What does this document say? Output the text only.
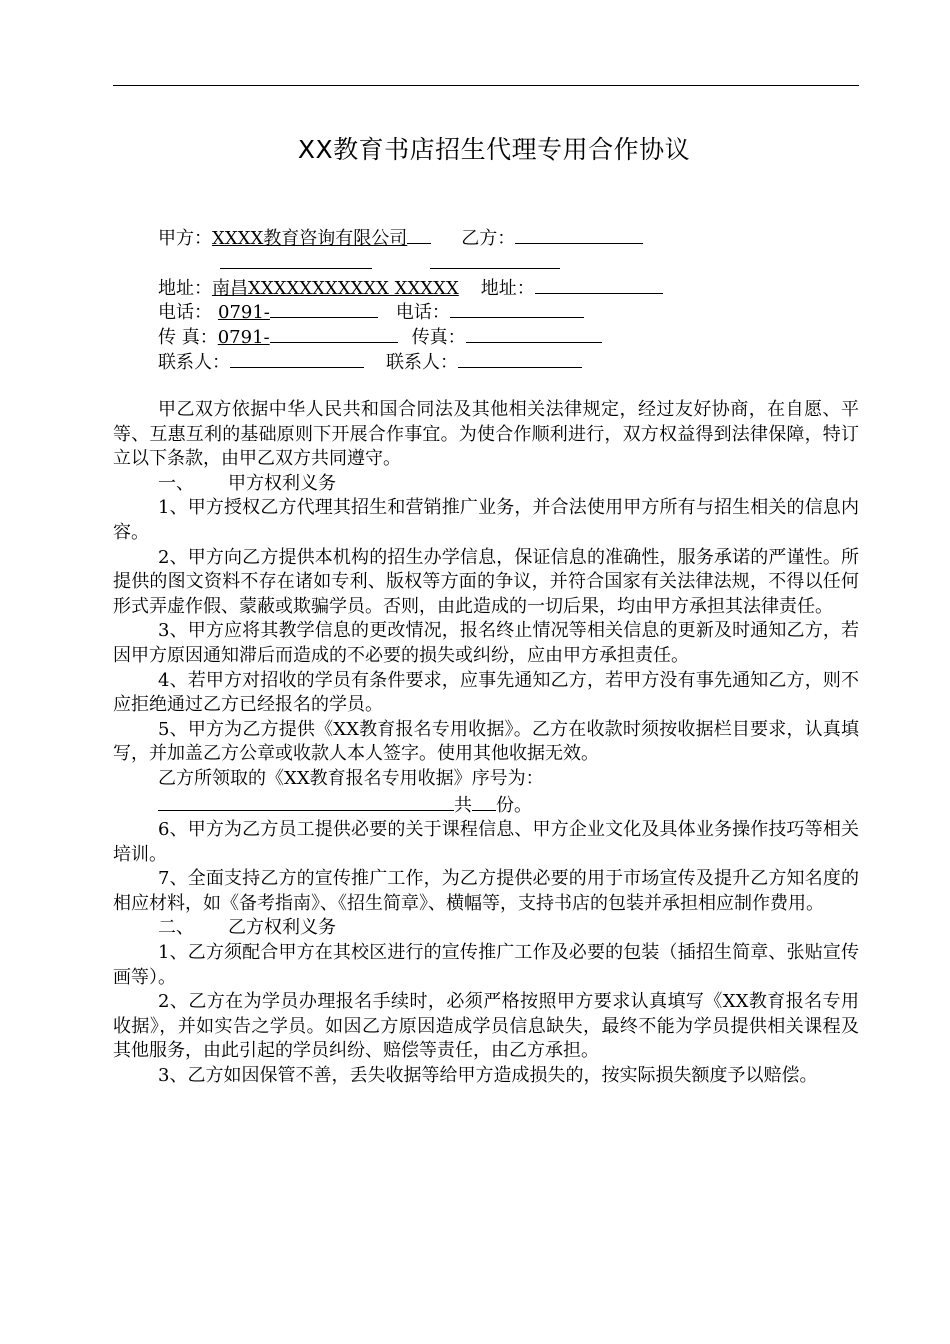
XX教育书店招生代理专用合作协议
甲方：XXXX教育咨询有限公司	乙方：
地址：南昌XXXXXXXXXXX XXXXX 地址：
电话： 0791-	电话：
传 真：0791-	传真：
联系人：	联系人：

甲乙双方依据中华人民共和国合同法及其他相关法律规定，经过友好协商，在自愿、平等、互惠互利的基础原则下开展合作事宜。为使合作顺利进行，双方权益得到法律保障，特订立以下条款，由甲乙双方共同遵守。

一、 甲方权利义务

1、甲方授权乙方代理其招生和营销推广业务，并合法使用甲方所有与招生相关的信息内容。

2、甲方向乙方提供本机构的招生办学信息，保证信息的准确性，服务承诺的严谨性。所提供的图文资料不存在诸如专利、版权等方面的争议，并符合国家有关法律法规，不得以任何形式弄虚作假、蒙蔽或欺骗学员。否则，由此造成的一切后果，均由甲方承担其法律责任。

3、甲方应将其教学信息的更改情况，报名终止情况等相关信息的更新及时通知乙方，若因甲方原因通知滞后而造成的不必要的损失或纠纷，应由甲方承担责任。

4、若甲方对招收的学员有条件要求，应事先通知乙方，若甲方没有事先通知乙方，则不应拒绝通过乙方已经报名的学员。

5、甲方为乙方提供《XX教育报名专用收据》。乙方在收款时须按收据栏目要求，认真填写，并加盖乙方公章或收款人本人签字。使用其他收据无效。

乙方所领取的《XX教育报名专用收据》序号为：

共 份。

6、甲方为乙方员工提供必要的关于课程信息、甲方企业文化及具体业务操作技巧等相关培训。

7、全面支持乙方的宣传推广工作，为乙方提供必要的用于市场宣传及提升乙方知名度的相应材料，如《备考指南》、《招生简章》、横幅等，支持书店的包装并承担相应制作费用。

二、 乙方权利义务

1、乙方须配合甲方在其校区进行的宣传推广工作及必要的包装（插招生简章、张贴宣传画等）。

2、乙方在为学员办理报名手续时，必须严格按照甲方要求认真填写《XX教育报名专用收据》，并如实告之学员。如因乙方原因造成学员信息缺失，最终不能为学员提供相关课程及其他服务，由此引起的学员纠纷、赔偿等责任，由乙方承担。

3、乙方如因保管不善，丢失收据等给甲方造成损失的，按实际损失额度予以赔偿。
